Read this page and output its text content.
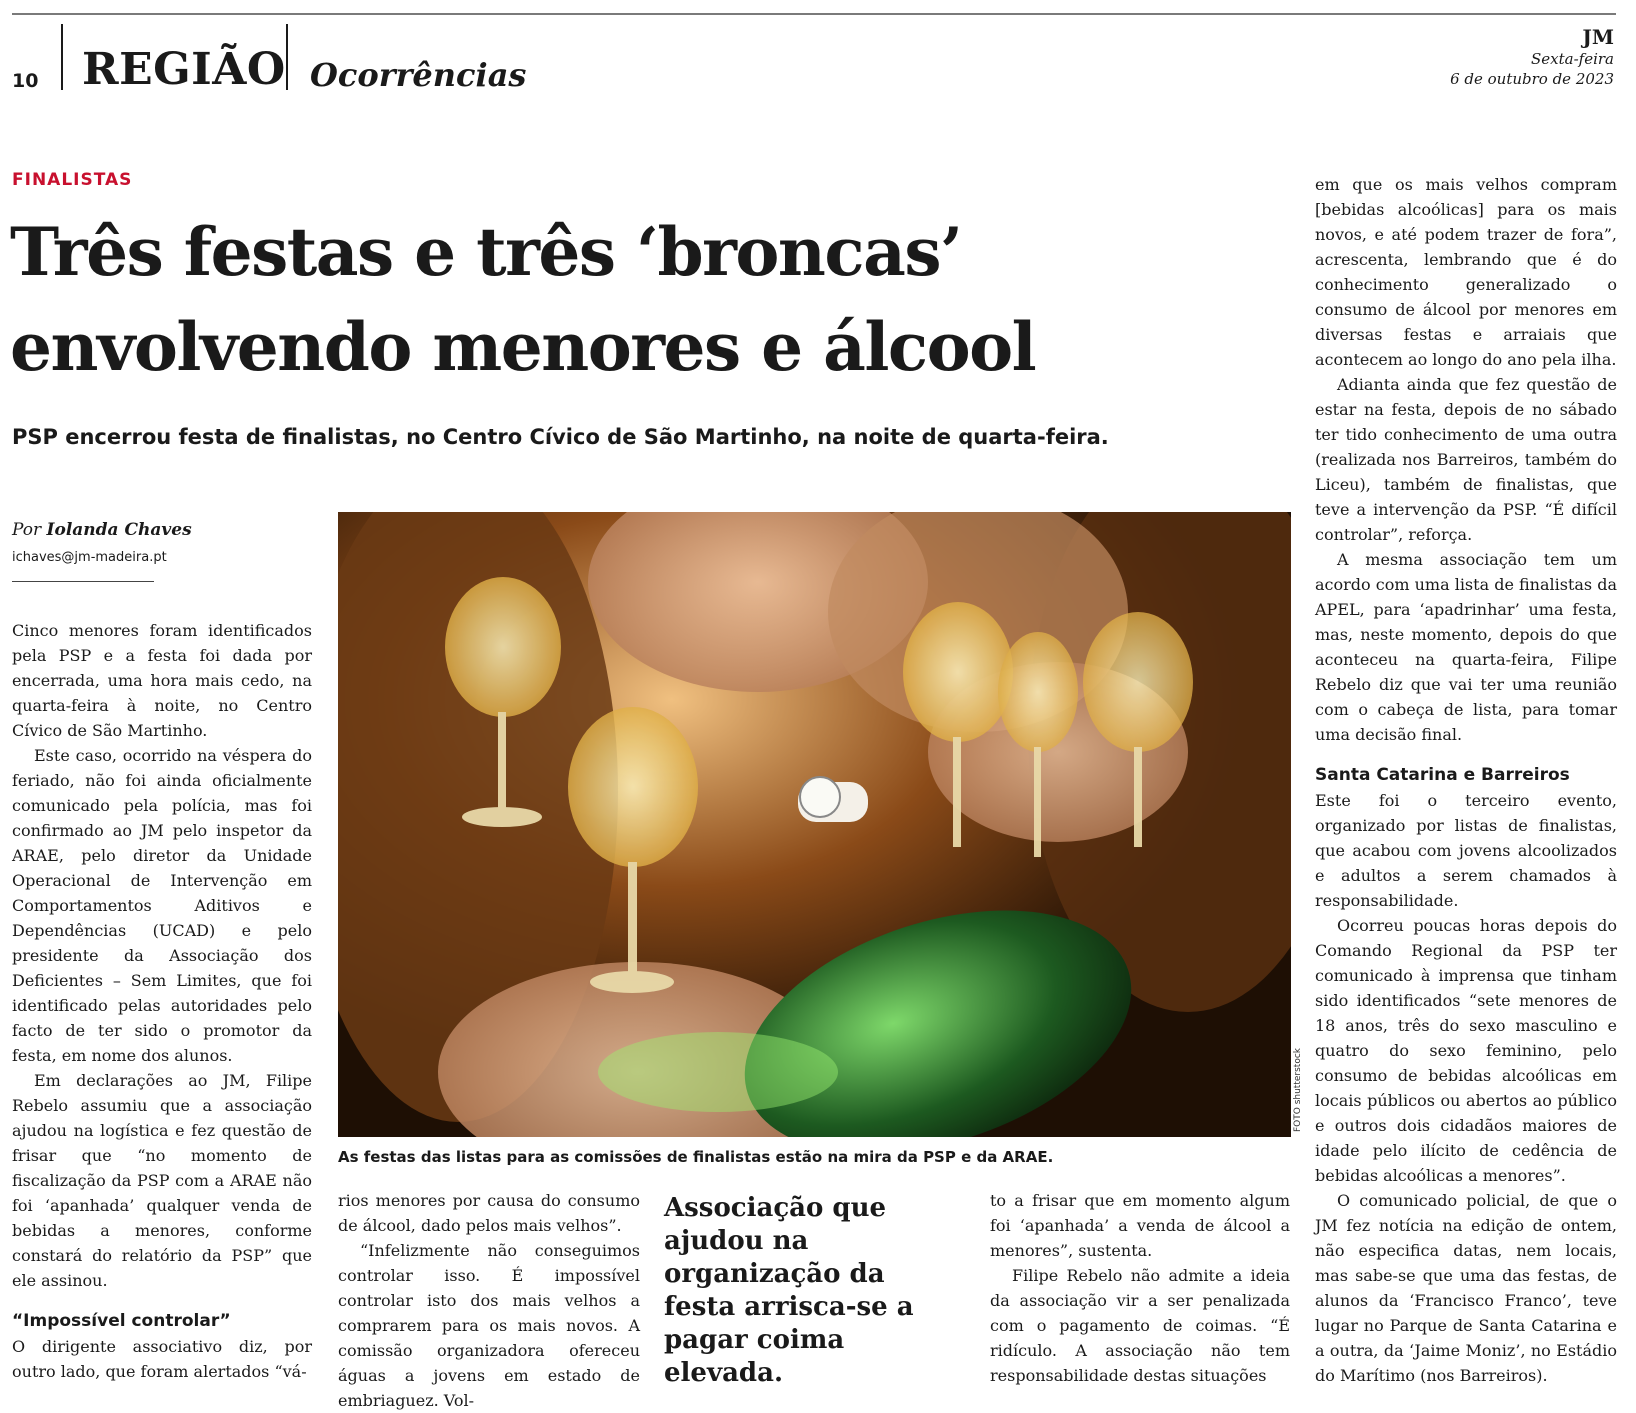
10 REGIÃO Ocorrências
JM
Sexta-feira
6 de outubro de 2023
FINALISTAS
Três festas e três ‘broncas’
envolvendo menores e álcool
PSP encerrou festa de finalistas, no Centro Cívico de São Martinho, na noite de quarta-feira.
Por Iolanda Chaves
ichaves@jm-madeira.pt

Cinco menores foram identificados pela PSP e a festa foi dada por encerrada, uma hora mais cedo, na quarta-feira à noite, no Centro Cívico de São Martinho.

Este caso, ocorrido na véspera do feriado, não foi ainda oficialmente comunicado pela polícia, mas foi confirmado ao JM pelo inspetor da ARAE, pelo diretor da Unidade Operacional de Intervenção em Comportamentos Aditivos e Dependências (UCAD) e pelo presidente da Associação dos Deficientes – Sem Limites, que foi identificado pelas autoridades pelo facto de ter sido o promotor da festa, em nome dos alunos.

Em declarações ao JM, Filipe Rebelo assumiu que a associação ajudou na logística e fez questão de frisar que “no momento de fiscalização da PSP com a ARAE não foi ‘apanhada’ qualquer venda de bebidas a menores, conforme constará do relatório da PSP” que ele assinou.

“Impossível controlar”

O dirigente associativo diz, por outro lado, que foram alertados “vá-

FOTO shutterstock
As festas das listas para as comissões de finalistas estão na mira da PSP e da ARAE.

rios menores por causa do consumo de álcool, dado pelos mais velhos”.

“Infelizmente não conseguimos controlar isso. É impossível controlar isto dos mais velhos a comprarem para os mais novos. A comissão organizadora ofereceu águas a jovens em estado de embriaguez. Vol-

Associação que ajudou na organização da festa arrisca-se a pagar coima elevada.

to a frisar que em momento algum foi ‘apanhada’ a venda de álcool a menores”, sustenta.

Filipe Rebelo não admite a ideia da associação vir a ser penalizada com o pagamento de coimas. “É ridículo. A associação não tem responsabilidade destas situações

em que os mais velhos compram [bebidas alcoólicas] para os mais novos, e até podem trazer de fora”, acrescenta, lembrando que é do conhecimento generalizado o consumo de álcool por menores em diversas festas e arraiais que acontecem ao longo do ano pela ilha.

Adianta ainda que fez questão de estar na festa, depois de no sábado ter tido conhecimento de uma outra (realizada nos Barreiros, também do Liceu), também de finalistas, que teve a intervenção da PSP. “É difícil controlar”, reforça.

A mesma associação tem um acordo com uma lista de finalistas da APEL, para ‘apadrinhar’ uma festa, mas, neste momento, depois do que aconteceu na quarta-feira, Filipe Rebelo diz que vai ter uma reunião com o cabeça de lista, para tomar uma decisão final.

Santa Catarina e Barreiros

Este foi o terceiro evento, organizado por listas de finalistas, que acabou com jovens alcoolizados e adultos a serem chamados à responsabilidade.

Ocorreu poucas horas depois do Comando Regional da PSP ter comunicado à imprensa que tinham sido identificados “sete menores de 18 anos, três do sexo masculino e quatro do sexo feminino, pelo consumo de bebidas alcoólicas em locais públicos ou abertos ao público e outros dois cidadãos maiores de idade pelo ilícito de cedência de bebidas alcoólicas a menores”.

O comunicado policial, de que o JM fez notícia na edição de ontem, não especifica datas, nem locais, mas sabe-se que uma das festas, de alunos da ‘Francisco Franco’, teve lugar no Parque de Santa Catarina e a outra, da ‘Jaime Moniz’, no Estádio do Marítimo (nos Barreiros).
